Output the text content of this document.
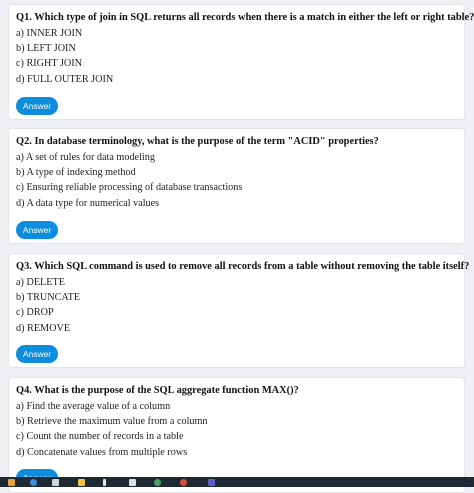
Q1. Which type of join in SQL returns all records when there is a match in either the left or right table?
a) INNER JOIN
b) LEFT JOIN
c) RIGHT JOIN
d) FULL OUTER JOIN
Answer
Q2. In database terminology, what is the purpose of the term "ACID" properties?
a) A set of rules for data modeling
b) A type of indexing method
c) Ensuring reliable processing of database transactions
d) A data type for numerical values
Answer
Q3. Which SQL command is used to remove all records from a table without removing the table itself?
a) DELETE
b) TRUNCATE
c) DROP
d) REMOVE
Answer
Q4. What is the purpose of the SQL aggregate function MAX()?
a) Find the average value of a column
b) Retrieve the maximum value from a column
c) Count the number of records in a table
d) Concatenate values from multiple rows
